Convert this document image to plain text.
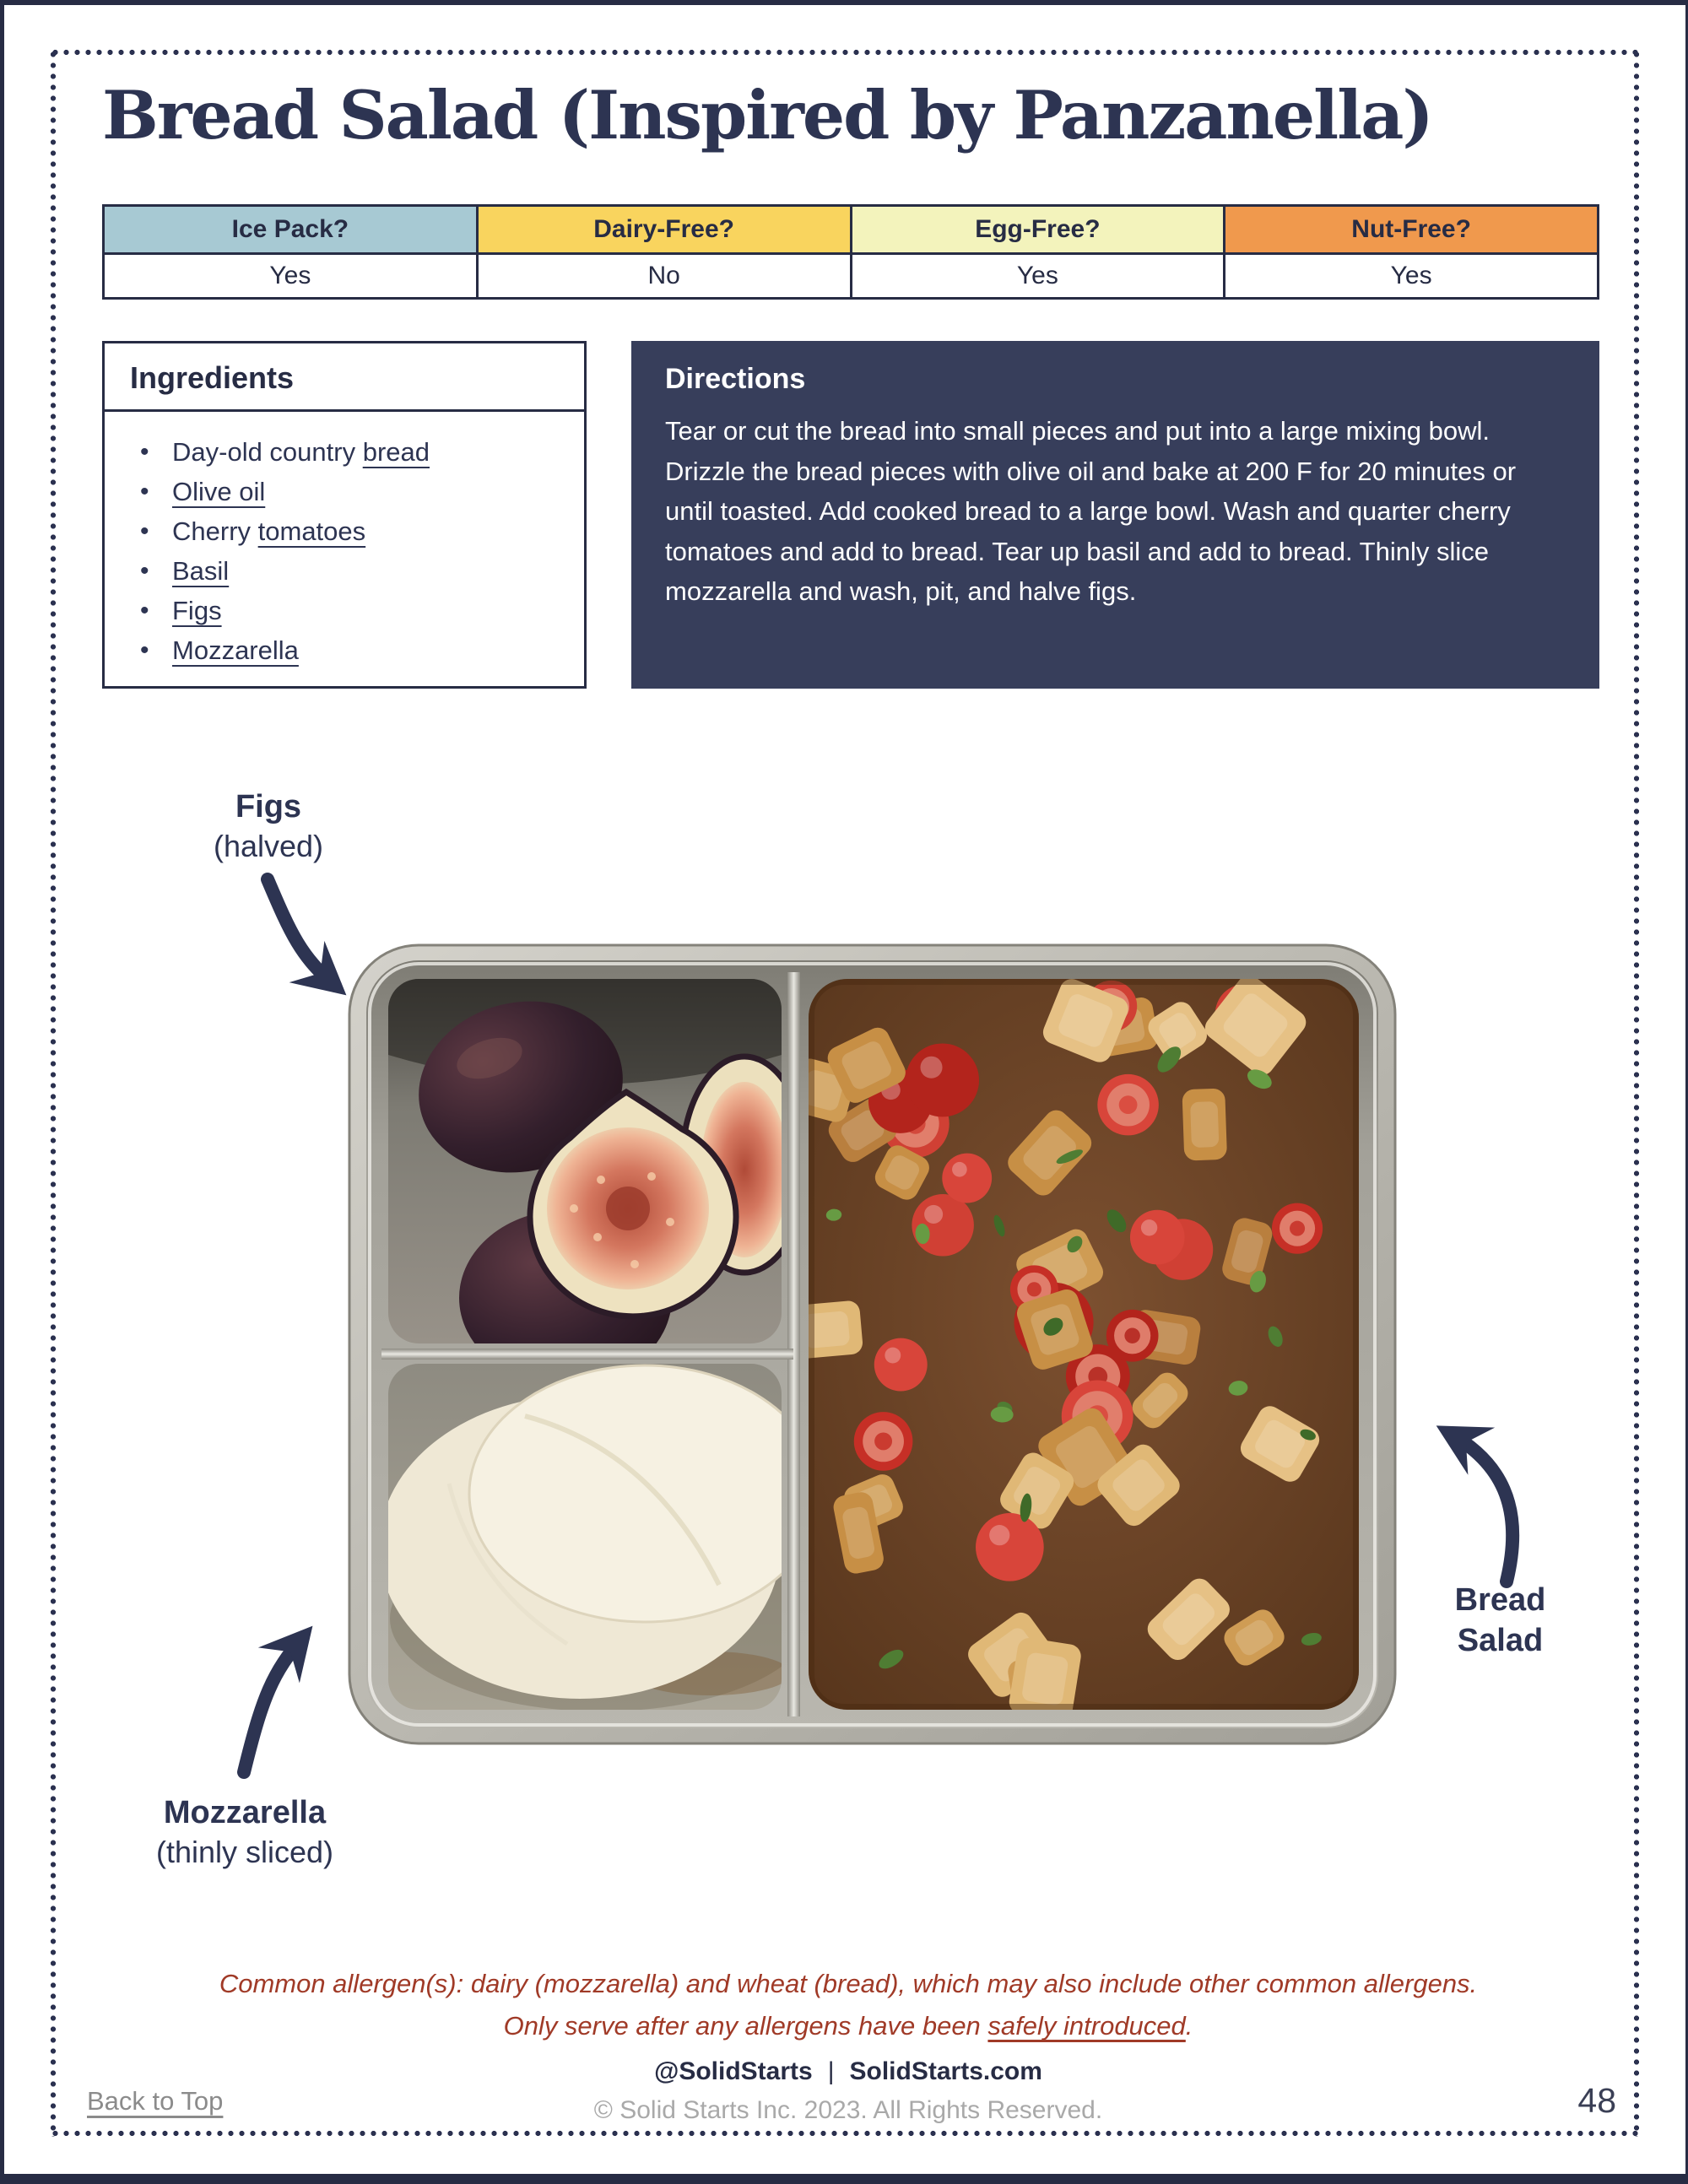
Bread Salad (Inspired by Panzanella)
Ice Pack?	Dairy-Free?	Egg-Free?	Nut-Free?
Yes	No	Yes	Yes
Ingredients
• Day-old country bread
• Olive oil
• Cherry tomatoes
• Basil
• Figs
• Mozzarella
Directions

Tear or cut the bread into small pieces and put into a large mixing bowl. Drizzle the bread pieces with olive oil and bake at 200 F for 20 minutes or until toasted. Add cooked bread to a large bowl. Wash and quarter cherry tomatoes and add to bread. Tear up basil and add to bread. Thinly slice mozzarella and wash, pit, and halve figs.

Figs
(halved)
Bread
Salad
Mozzarella
(thinly sliced)
Common allergen(s): dairy (mozzarella) and wheat (bread), which may also include other common allergens.
Only serve after any allergens have been safely introduced.
@SolidStarts | SolidStarts.com
© Solid Starts Inc. 2023. All Rights Reserved.
Back to Top	48
